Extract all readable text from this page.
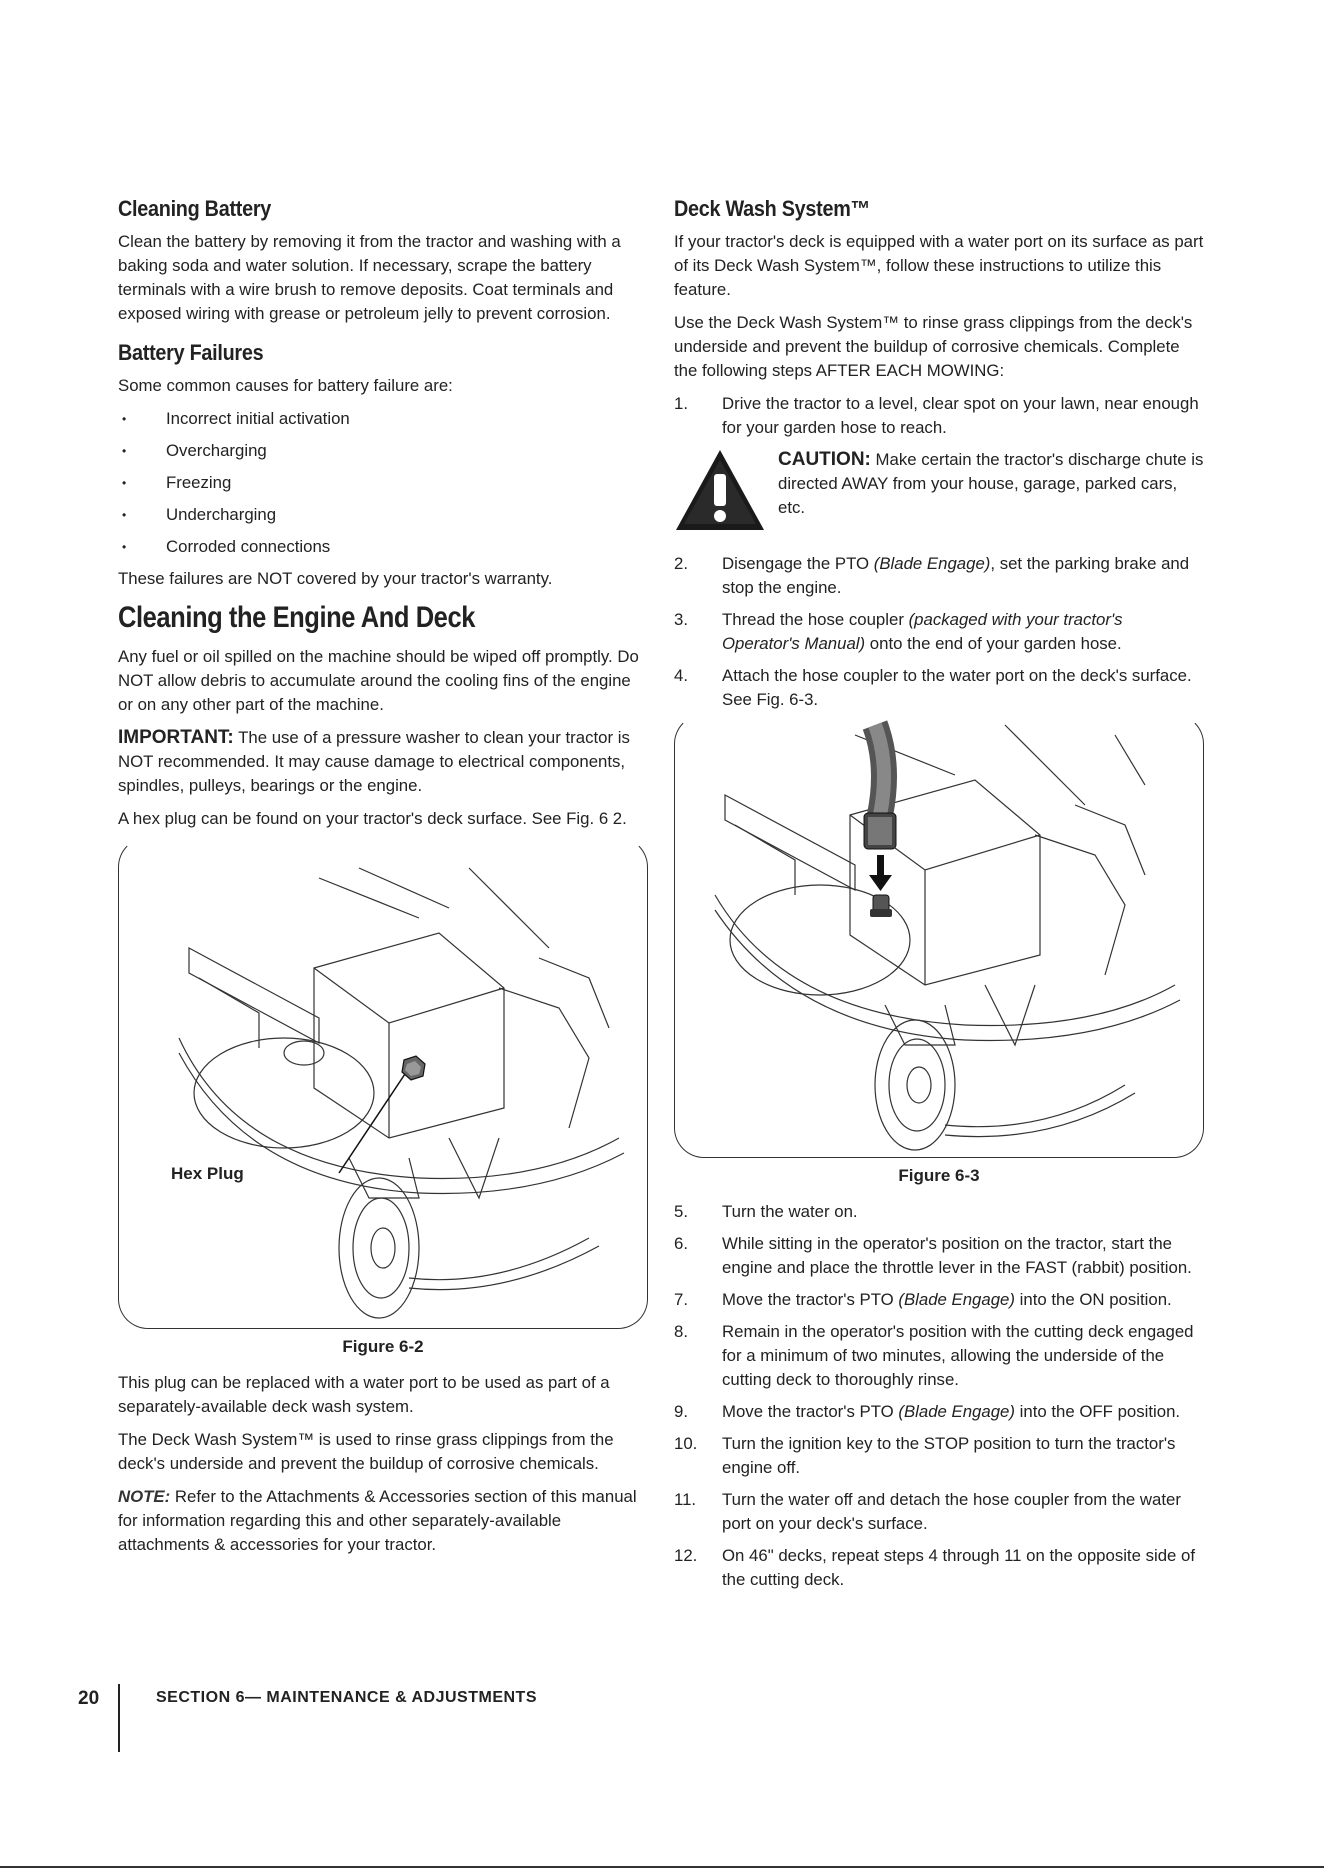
Cleaning Battery

Clean the battery by removing it from the tractor and washing with a baking soda and water solution. If necessary, scrape the battery terminals with a wire brush to remove deposits. Coat terminals and exposed wiring with grease or petroleum jelly to prevent corrosion.

Battery Failures

Some common causes for battery failure are:

• Incorrect initial activation
• Overcharging
• Freezing
• Undercharging
• Corroded connections

These failures are NOT covered by your tractor's warranty.

Cleaning the Engine And Deck

Any fuel or oil spilled on the machine should be wiped off promptly. Do NOT allow debris to accumulate around the cooling fins of the engine or on any other part of the machine.

IMPORTANT: The use of a pressure washer to clean your tractor is NOT recommended. It may cause damage to electrical components, spindles, pulleys, bearings or the engine.

A hex plug can be found on your tractor's deck surface. See Fig. 6 2.

Hex Plug
Figure 6-2

This plug can be replaced with a water port to be used as part of a separately-available deck wash system.

The Deck Wash System™ is used to rinse grass clippings from the deck's underside and prevent the buildup of corrosive chemicals.

NOTE: Refer to the Attachments & Accessories section of this manual for information regarding this and other separately-available attachments & accessories for your tractor.

Deck Wash System™

If your tractor's deck is equipped with a water port on its surface as part of its Deck Wash System™, follow these instructions to utilize this feature.

Use the Deck Wash System™ to rinse grass clippings from the deck's underside and prevent the buildup of corrosive chemicals. Complete the following steps AFTER EACH MOWING:

1. Drive the tractor to a level, clear spot on your lawn, near enough for your garden hose to reach.
CAUTION: Make certain the tractor's discharge chute is directed AWAY from your house, garage, parked cars, etc.
2. Disengage the PTO (Blade Engage), set the parking brake and stop the engine.
3. Thread the hose coupler (packaged with your tractor's Operator's Manual) onto the end of your garden hose.
4. Attach the hose coupler to the water port on the deck's surface. See Fig. 6-3.
Figure 6-3
5. Turn the water on.
6. While sitting in the operator's position on the tractor, start the engine and place the throttle lever in the FAST (rabbit) position.
7. Move the tractor's PTO (Blade Engage) into the ON position.
8. Remain in the operator's position with the cutting deck engaged for a minimum of two minutes, allowing the underside of the cutting deck to thoroughly rinse.
9. Move the tractor's PTO (Blade Engage) into the OFF position.
10. Turn the ignition key to the STOP position to turn the tractor's engine off.
11. Turn the water off and detach the hose coupler from the water port on your deck's surface.
12. On 46" decks, repeat steps 4 through 11 on the opposite side of the cutting deck.
20	SECTION 6— MAINTENANCE & ADJUSTMENTS
